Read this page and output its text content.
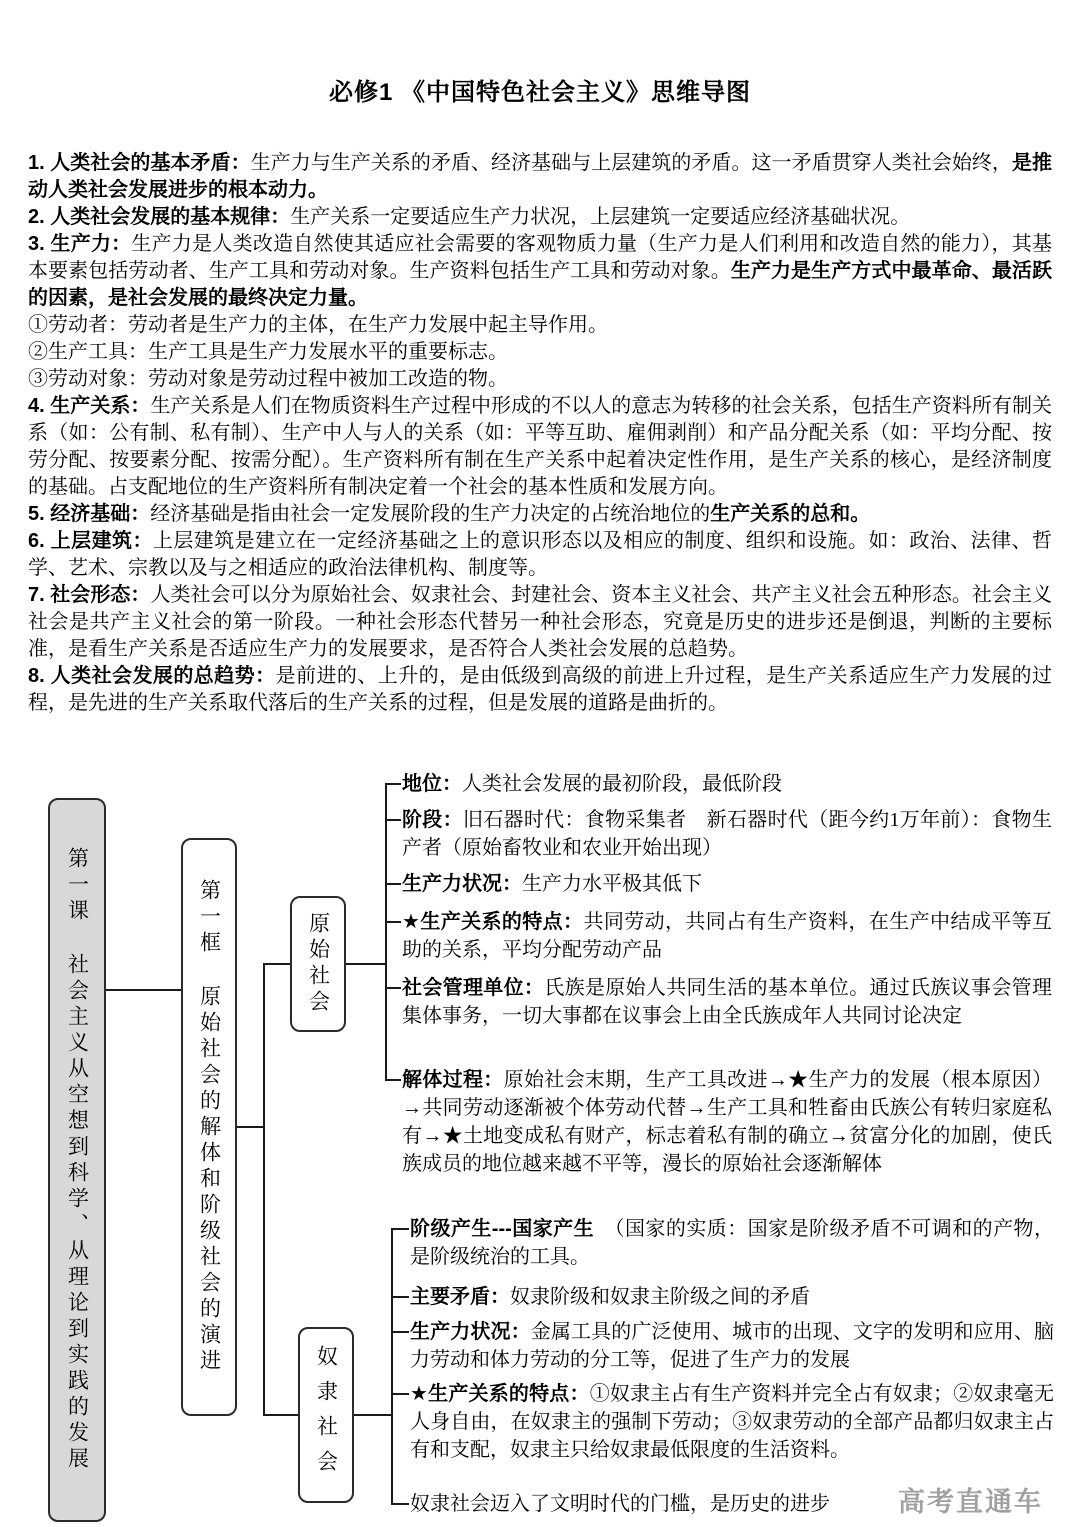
必修1 《中国特色社会主义》思维导图

1. 人类社会的基本矛盾：生产力与生产关系的矛盾、经济基础与上层建筑的矛盾。这一矛盾贯穿人类社会始终，是推动人类社会发展进步的根本动力。

2. 人类社会发展的基本规律：生产关系一定要适应生产力状况，上层建筑一定要适应经济基础状况。

3. 生产力：生产力是人类改造自然使其适应社会需要的客观物质力量（生产力是人们利用和改造自然的能力），其基本要素包括劳动者、生产工具和劳动对象。生产资料包括生产工具和劳动对象。生产力是生产方式中最革命、最活跃的因素，是社会发展的最终决定力量。

①劳动者：劳动者是生产力的主体，在生产力发展中起主导作用。

②生产工具：生产工具是生产力发展水平的重要标志。

③劳动对象：劳动对象是劳动过程中被加工改造的物。

4. 生产关系：生产关系是人们在物质资料生产过程中形成的不以人的意志为转移的社会关系，包括生产资料所有制关系（如：公有制、私有制）、生产中人与人的关系（如：平等互助、雇佣剥削）和产品分配关系（如：平均分配、按劳分配、按要素分配、按需分配）。生产资料所有制在生产关系中起着决定性作用，是生产关系的核心，是经济制度的基础。占支配地位的生产资料所有制决定着一个社会的基本性质和发展方向。

5. 经济基础：经济基础是指由社会一定发展阶段的生产力决定的占统治地位的生产关系的总和。

6. 上层建筑：上层建筑是建立在一定经济基础之上的意识形态以及相应的制度、组织和设施。如：政治、法律、哲学、艺术、宗教以及与之相适应的政治法律机构、制度等。

7. 社会形态：人类社会可以分为原始社会、奴隶社会、封建社会、资本主义社会、共产主义社会五种形态。社会主义社会是共产主义社会的第一阶段。一种社会形态代替另一种社会形态，究竟是历史的进步还是倒退，判断的主要标准，是看生产关系是否适应生产力的发展要求，是否符合人类社会发展的总趋势。

8. 人类社会发展的总趋势：是前进的、上升的，是由低级到高级的前进上升过程，是生产关系适应生产力发展的过程，是先进的生产关系取代落后的生产关系的过程，但是发展的道路是曲折的。

第一课
社会主义从空想到科学、从理论到实践的发展
第一框
原始社会的解体和阶级社会的演进
原始社会
奴隶社会
地位：人类社会发展的最初阶段，最低阶段
阶段：旧石器时代：食物采集者　新石器时代（距今约1万年前）：食物生产者（原始畜牧业和农业开始出现）
生产力状况：生产力水平极其低下
★生产关系的特点：共同劳动，共同占有生产资料，在生产中结成平等互助的关系，平均分配劳动产品
社会管理单位：氏族是原始人共同生活的基本单位。通过氏族议事会管理集体事务，一切大事都在议事会上由全氏族成年人共同讨论决定
解体过程：原始社会末期，生产工具改进→★生产力的发展（根本原因）→共同劳动逐渐被个体劳动代替→生产工具和牲畜由氏族公有转归家庭私有→★土地变成私有财产，标志着私有制的确立→贫富分化的加剧，使氏族成员的地位越来越不平等，漫长的原始社会逐渐解体
阶级产生---国家产生　（国家的实质：国家是阶级矛盾不可调和的产物，是阶级统治的工具。
主要矛盾：奴隶阶级和奴隶主阶级之间的矛盾
生产力状况：金属工具的广泛使用、城市的出现、文字的发明和应用、脑力劳动和体力劳动的分工等，促进了生产力的发展
★生产关系的特点：①奴隶主占有生产资料并完全占有奴隶；②奴隶毫无人身自由，在奴隶主的强制下劳动；③奴隶劳动的全部产品都归奴隶主占有和支配，奴隶主只给奴隶最低限度的生活资料。
奴隶社会迈入了文明时代的门槛，是历史的进步	高考直通车
